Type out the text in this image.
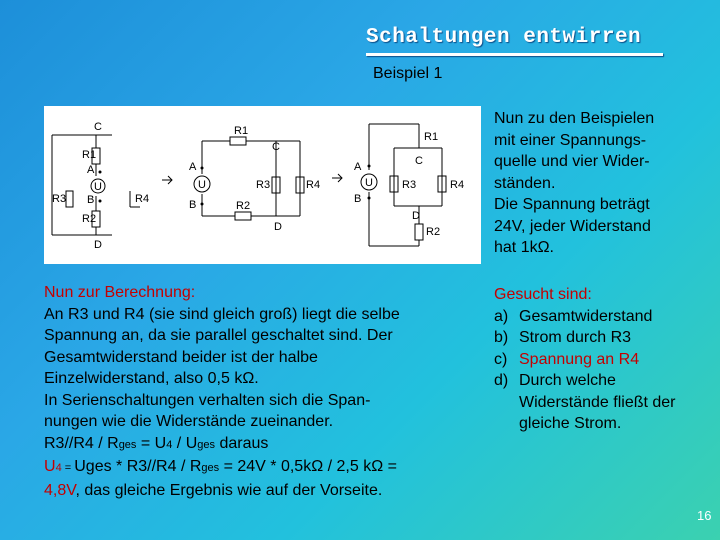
Schaltungen entwirren
Beispiel 1
C
R1
A
U
B
R2
D
R3	R4
R1
C
A
U
B	R2
R3	R4
D
R1
C
A
U
B
R3	R4
D
R2
Nun zu den Beispielen
mit einer Spannungs-
quelle und vier Wider-
ständen.
Die Spannung beträgt
24V, jeder Widerstand
hat 1kΩ.
Nun zur Berechnung:
An R3 und R4 (sie sind gleich groß) liegt die selbe
Spannung an, da sie parallel geschaltet sind. Der
Gesamtwiderstand beider ist der halbe
Einzelwiderstand, also 0,5 kΩ.
In Serienschaltungen verhalten sich die Span-
nungen wie die Widerstände zueinander.
R3//R4 / Rges = U4 / Uges daraus
U4 = Uges * R3//R4 / Rges = 24V * 0,5kΩ / 2,5 kΩ =
4,8V, das gleiche Ergebnis wie auf der Vorseite.
Gesucht sind:
a) Gesamtwiderstand
b) Strom durch R3
c) Spannung an R4
d) Durch welche Widerstände fließt der gleiche Strom.
16
